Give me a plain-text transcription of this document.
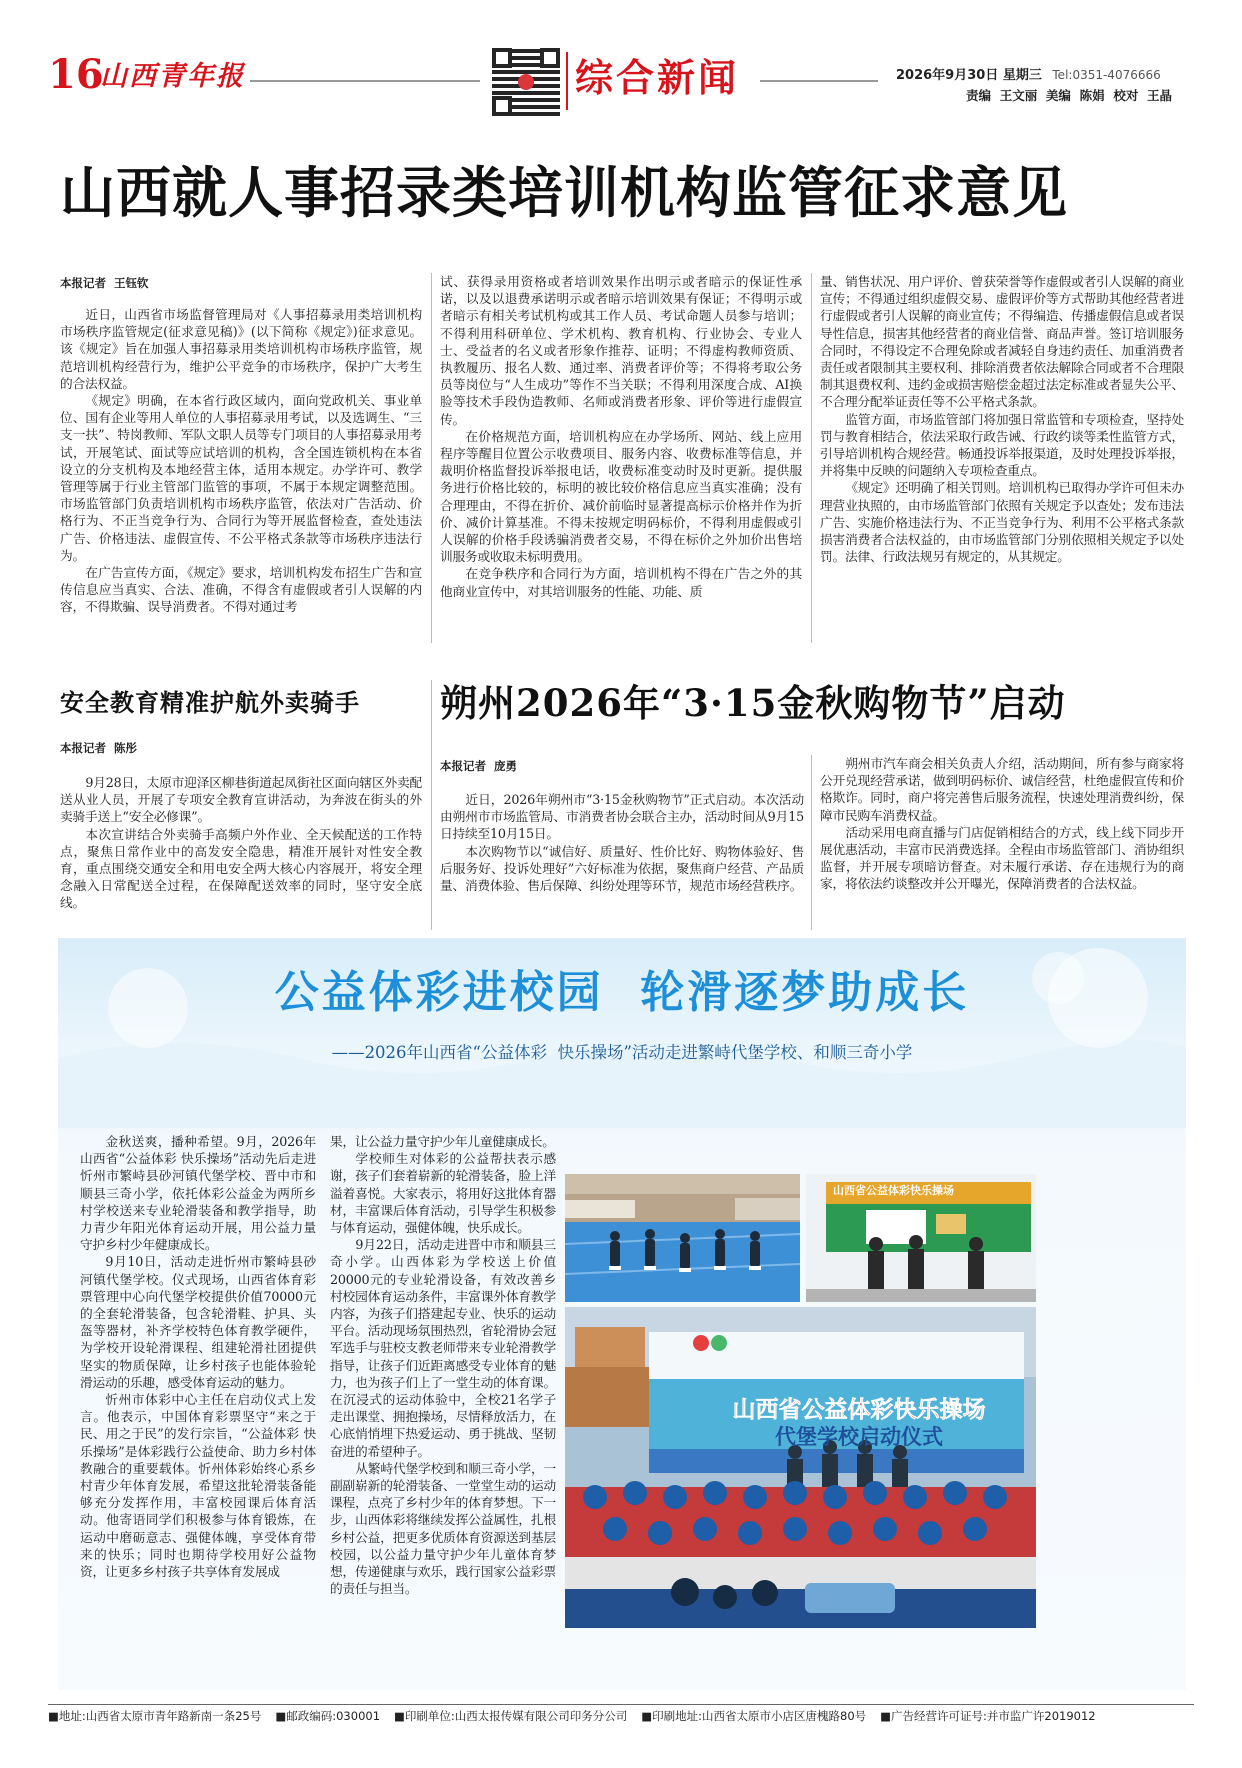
16
山西青年报	综合新闻	2026年9月30日 星期三 Tel:0351-4076666
责编  王文丽  美编  陈娟  校对  王晶
山西就人事招录类培训机构监管征求意见
本报记者  王钰钦

近日，山西省市场监督管理局对《人事招募录用类培训机构市场秩序监管规定(征求意见稿)》(以下简称《规定》)征求意见。该《规定》旨在加强人事招募录用类培训机构市场秩序监管，规范培训机构经营行为，维护公平竞争的市场秩序，保护广大考生的合法权益。

《规定》明确，在本省行政区域内，面向党政机关、事业单位、国有企业等用人单位的人事招募录用考试，以及选调生、“三支一扶”、特岗教师、军队文职人员等专门项目的人事招募录用考试，开展笔试、面试等应试培训的机构，含全国连锁机构在本省设立的分支机构及本地经营主体，适用本规定。办学许可、教学管理等属于行业主管部门监管的事项，不属于本规定调整范围。市场监管部门负责培训机构市场秩序监管，依法对广告活动、价格行为、不正当竞争行为、合同行为等开展监督检查，查处违法广告、价格违法、虚假宣传、不公平格式条款等市场秩序违法行为。

在广告宣传方面，《规定》要求，培训机构发布招生广告和宣传信息应当真实、合法、准确，不得含有虚假或者引人误解的内容，不得欺骗、误导消费者。不得对通过考

试、获得录用资格或者培训效果作出明示或者暗示的保证性承诺，以及以退费承诺明示或者暗示培训效果有保证；不得明示或者暗示有相关考试机构或其工作人员、考试命题人员参与培训；不得利用科研单位、学术机构、教育机构、行业协会、专业人士、受益者的名义或者形象作推荐、证明；不得虚构教师资质、执教履历、报名人数、通过率、消费者评价等；不得将考取公务员等岗位与“人生成功”等作不当关联；不得利用深度合成、AI换脸等技术手段伪造教师、名师或消费者形象、评价等进行虚假宣传。

在价格规范方面，培训机构应在办学场所、网站、线上应用程序等醒目位置公示收费项目、服务内容、收费标准等信息，并裁明价格监督投诉举报电话，收费标准变动时及时更新。提供服务进行价格比较的，标明的被比较价格信息应当真实准确；没有合理理由，不得在折价、减价前临时显著提高标示价格并作为折价、减价计算基准。不得未按规定明码标价，不得利用虚假或引人误解的价格手段诱骗消费者交易，不得在标价之外加价出售培训服务或收取未标明费用。

在竞争秩序和合同行为方面，培训机构不得在广告之外的其他商业宣传中，对其培训服务的性能、功能、质

量、销售状况、用户评价、曾获荣誉等作虚假或者引人误解的商业宣传；不得通过组织虚假交易、虚假评价等方式帮助其他经营者进行虚假或者引人误解的商业宣传；不得编造、传播虚假信息或者误导性信息，损害其他经营者的商业信誉、商品声誉。签订培训服务合同时，不得设定不合理免除或者减轻自身违约责任、加重消费者责任或者限制其主要权利、排除消费者依法解除合同或者不合理限制其退费权利、违约金或损害赔偿金超过法定标准或者显失公平、不合理分配举证责任等不公平格式条款。

监管方面，市场监管部门将加强日常监管和专项检查，坚持处罚与教育相结合，依法采取行政告诫、行政约谈等柔性监管方式，引导培训机构合规经营。畅通投诉举报渠道，及时处理投诉举报，并将集中反映的问题纳入专项检查重点。

《规定》还明确了相关罚则。培训机构已取得办学许可但未办理营业执照的，由市场监管部门依照有关规定予以查处；发布违法广告、实施价格违法行为、不正当竞争行为、利用不公平格式条款损害消费者合法权益的，由市场监管部门分别依照相关规定予以处罚。法律、行政法规另有规定的，从其规定。

安全教育精准护航外卖骑手
本报记者  陈彤

9月28日，太原市迎泽区柳巷街道起凤街社区面向辖区外卖配送从业人员，开展了专项安全教育宣讲活动，为奔波在街头的外卖骑手送上“安全必修课”。

本次宣讲结合外卖骑手高频户外作业、全天候配送的工作特点，聚焦日常作业中的高发安全隐患，精准开展针对性安全教育，重点围绕交通安全和用电安全两大核心内容展开，将安全理念融入日常配送全过程，在保障配送效率的同时，坚守安全底线。

朔州2026年“3·15金秋购物节”启动
本报记者  庞勇

近日，2026年朔州市“3·15金秋购物节”正式启动。本次活动由朔州市市场监管局、市消费者协会联合主办，活动时间从9月15日持续至10月15日。

本次购物节以“诚信好、质量好、性价比好、购物体验好、售后服务好、投诉处理好”六好标准为依据，聚焦商户经营、产品质量、消费体验、售后保障、纠纷处理等环节，规范市场经营秩序。

朔州市汽车商会相关负责人介绍，活动期间，所有参与商家将公开兑现经营承诺，做到明码标价、诚信经营，杜绝虚假宣传和价格欺诈。同时，商户将完善售后服务流程，快速处理消费纠纷，保障市民购车消费权益。

活动采用电商直播与门店促销相结合的方式，线上线下同步开展优惠活动，丰富市民消费选择。全程由市场监管部门、消协组织监督，并开展专项暗访督查。对未履行承诺、存在违规行为的商家，将依法约谈整改并公开曝光，保障消费者的合法权益。

公益体彩进校园  轮滑逐梦助成长
——2026年山西省“公益体彩  快乐操场”活动走进繁峙代堡学校、和顺三奇小学

金秋送爽，播种希望。9月，2026年山西省“公益体彩 快乐操场”活动先后走进忻州市繁峙县砂河镇代堡学校、晋中市和顺县三奇小学，依托体彩公益金为两所乡村学校送来专业轮滑装备和教学指导，助力青少年阳光体育运动开展，用公益力量守护乡村少年健康成长。

9月10日，活动走进忻州市繁峙县砂河镇代堡学校。仪式现场，山西省体育彩票管理中心向代堡学校提供价值70000元的全套轮滑装备，包含轮滑鞋、护具、头盔等器材，补齐学校特色体育教学硬件，为学校开设轮滑课程、组建轮滑社团提供坚实的物质保障，让乡村孩子也能体验轮滑运动的乐趣，感受体育运动的魅力。

忻州市体彩中心主任在启动仪式上发言。他表示，中国体育彩票坚守“来之于民、用之于民”的发行宗旨，“公益体彩 快乐操场”是体彩践行公益使命、助力乡村体教融合的重要载体。忻州体彩始终心系乡村青少年体育发展，希望这批轮滑装备能够充分发挥作用，丰富校园课后体育活动。他寄语同学们积极参与体育锻炼，在运动中磨砺意志、强健体魄，享受体育带来的快乐；同时也期待学校用好公益物资，让更多乡村孩子共享体育发展成

果，让公益力量守护少年儿童健康成长。

学校师生对体彩的公益帮扶表示感谢，孩子们套着崭新的轮滑装备，脸上洋溢着喜悦。大家表示，将用好这批体育器材，丰富课后体育活动，引导学生积极参与体育运动，强健体魄，快乐成长。

9月22日，活动走进晋中市和顺县三奇小学。山西体彩为学校送上价值20000元的专业轮滑设备，有效改善乡村校园体育运动条件，丰富课外体育教学内容，为孩子们搭建起专业、快乐的运动平台。活动现场氛围热烈，省轮滑协会冠军选手与驻校支教老师带来专业轮滑教学指导，让孩子们近距离感受专业体育的魅力，也为孩子们上了一堂生动的体育课。在沉浸式的运动体验中，全校21名学子走出课堂、拥抱操场，尽情释放活力，在心底悄悄埋下热爱运动、勇于挑战、坚韧奋进的希望种子。

从繁峙代堡学校到和顺三奇小学，一副副崭新的轮滑装备、一堂堂生动的运动课程，点亮了乡村少年的体育梦想。下一步，山西体彩将继续发挥公益属性，扎根乡村公益，把更多优质体育资源送到基层校园，以公益力量守护少年儿童体育梦想，传递健康与欢乐，践行国家公益彩票的责任与担当。

山西省公益体彩快乐操场
代堡学校启动仪式
山西省公益体彩快乐操场
■地址:山西省太原市青年路新南一条25号 ■邮政编码:030001 ■印刷单位:山西太报传媒有限公司印务分公司 ■印刷地址:山西省太原市小店区唐槐路80号 ■广告经营许可证号:并市监广许2019012
